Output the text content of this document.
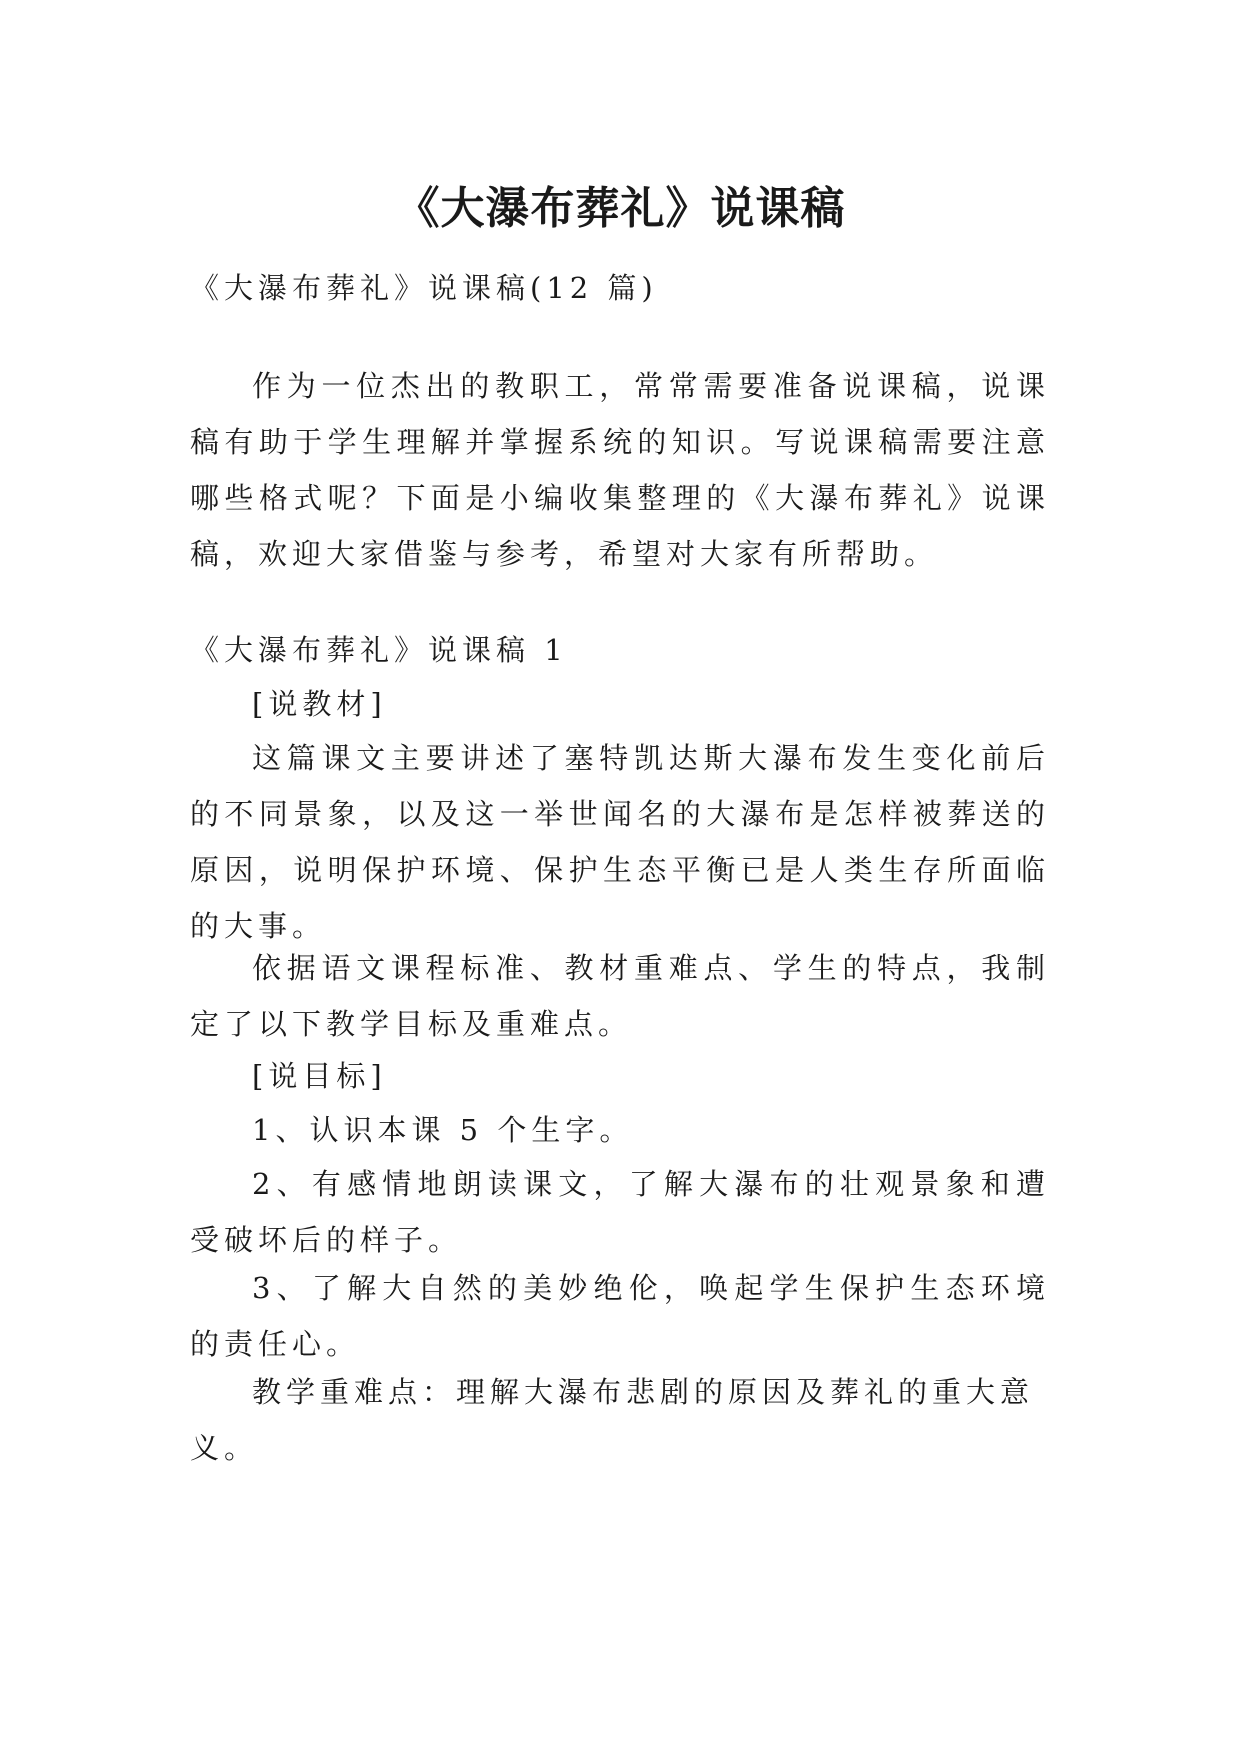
《大瀑布葬礼》说课稿

《大瀑布葬礼》说课稿(12 篇)

作为一位杰出的教职工，常常需要准备说课稿，说课稿有助于学生理解并掌握系统的知识。写说课稿需要注意哪些格式呢？下面是小编收集整理的《大瀑布葬礼》说课稿，欢迎大家借鉴与参考，希望对大家有所帮助。

《大瀑布葬礼》说课稿 1

[说教材]

这篇课文主要讲述了塞特凯达斯大瀑布发生变化前后的不同景象，以及这一举世闻名的大瀑布是怎样被葬送的原因，说明保护环境、保护生态平衡已是人类生存所面临的大事。

依据语文课程标准、教材重难点、学生的特点，我制定了以下教学目标及重难点。

[说目标]

1、认识本课 5 个生字。

2、有感情地朗读课文，了解大瀑布的壮观景象和遭受破坏后的样子。

3、了解大自然的美妙绝伦，唤起学生保护生态环境的责任心。

教学重难点：理解大瀑布悲剧的原因及葬礼的重大意义。
